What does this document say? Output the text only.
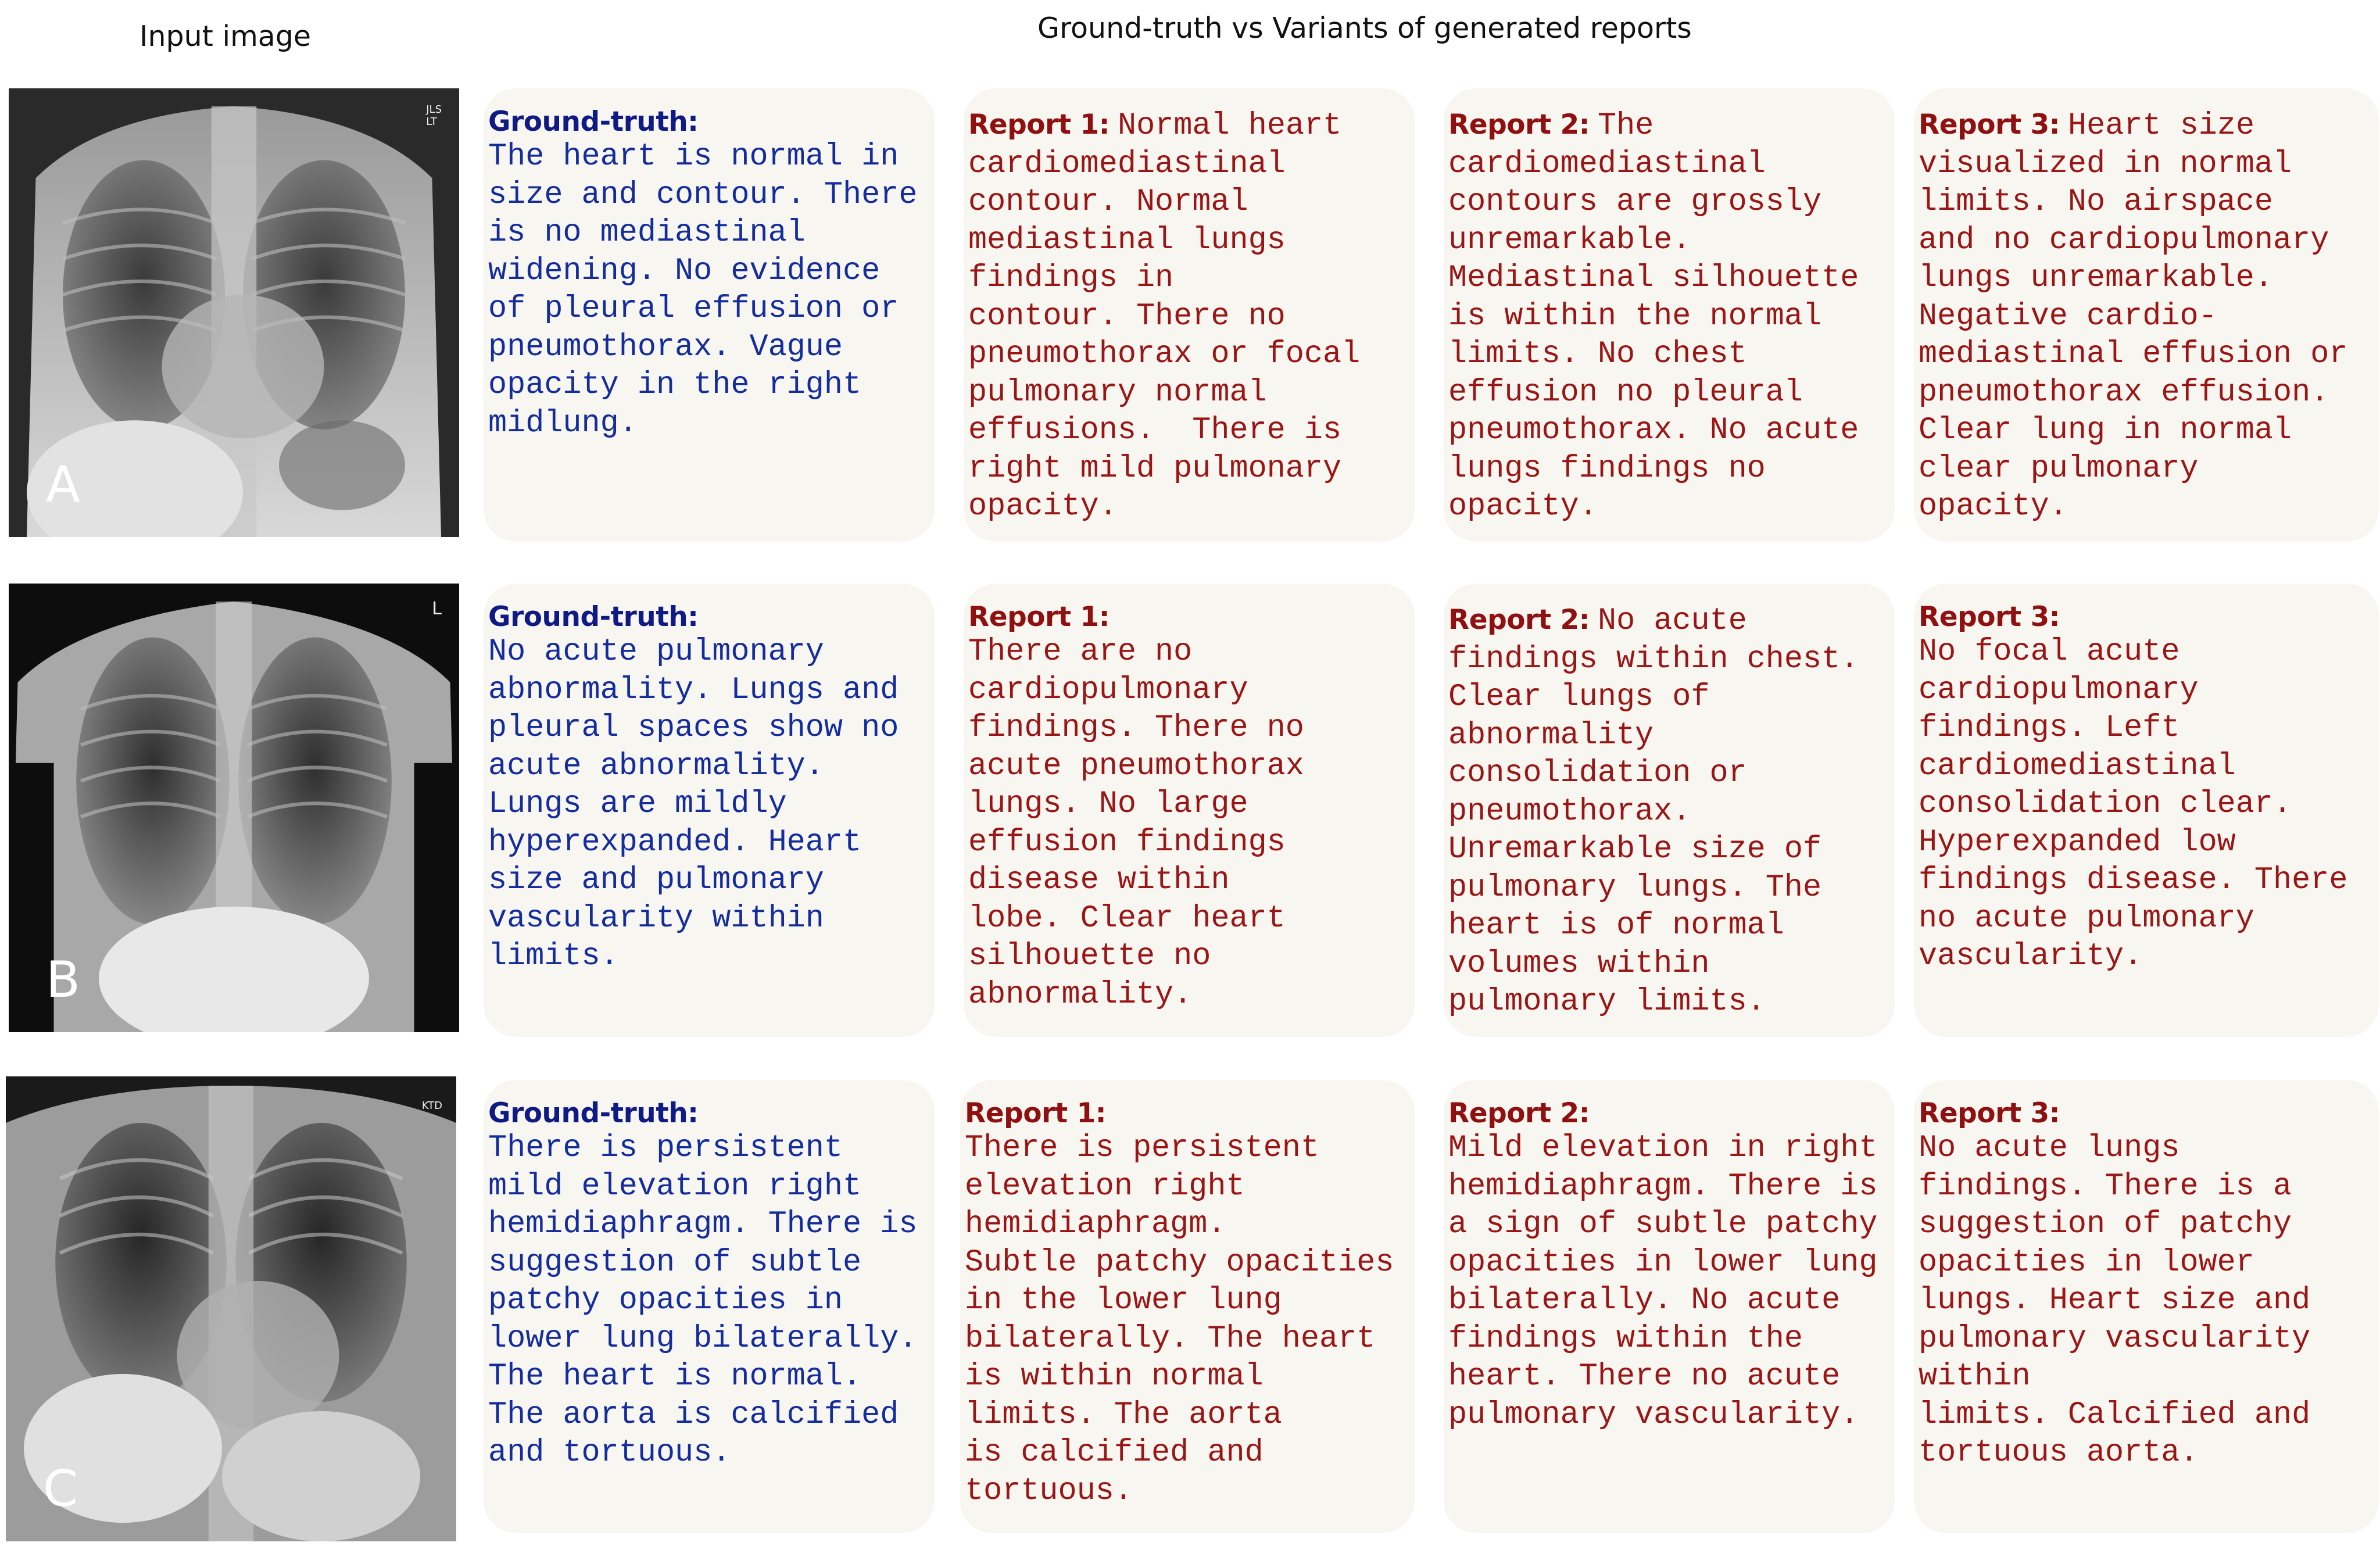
Input image	Ground-truth vs Variants of generated reports
JLS
LT
A
Ground-truth:
The heart is normal in
size and contour. There
is no mediastinal
widening. No evidence
of pleural effusion or
pneumothorax. Vague
opacity in the right
midlung.
Report 1: Normal heart
cardiomediastinal
contour. Normal
mediastinal lungs
findings in
contour. There no
pneumothorax or focal
pulmonary normal
effusions.  There is
right mild pulmonary
opacity.
Report 2: The
cardiomediastinal
contours are grossly
unremarkable.
Mediastinal silhouette
is within the normal
limits. No chest
effusion no pleural
pneumothorax. No acute
lungs findings no
opacity.
Report 3: Heart size
visualized in normal
limits. No airspace
and no cardiopulmonary
lungs unremarkable.
Negative cardio-
mediastinal effusion or
pneumothorax effusion.
Clear lung in normal
clear pulmonary
opacity.
L
B
Ground-truth:
No acute pulmonary
abnormality. Lungs and
pleural spaces show no
acute abnormality.
Lungs are mildly
hyperexpanded. Heart
size and pulmonary
vascularity within
limits.
Report 1:
There are no
cardiopulmonary
findings. There no
acute pneumothorax
lungs. No large
effusion findings
disease within
lobe. Clear heart
silhouette no
abnormality.
Report 2: No acute
findings within chest.
Clear lungs of
abnormality
consolidation or
pneumothorax.
Unremarkable size of
pulmonary lungs. The
heart is of normal
volumes within
pulmonary limits.
Report 3:
No focal acute
cardiopulmonary
findings. Left
cardiomediastinal
consolidation clear.
Hyperexpanded low
findings disease. There
no acute pulmonary
vascularity.
KTD
C
Ground-truth:
There is persistent
mild elevation right
hemidiaphragm. There is
suggestion of subtle
patchy opacities in
lower lung bilaterally.
The heart is normal.
The aorta is calcified
and tortuous.
Report 1:
There is persistent
elevation right
hemidiaphragm.
Subtle patchy opacities
in the lower lung
bilaterally. The heart
is within normal
limits. The aorta
is calcified and
tortuous.
Report 2:
Mild elevation in right
hemidiaphragm. There is
a sign of subtle patchy
opacities in lower lung
bilaterally. No acute
findings within the
heart. There no acute
pulmonary vascularity.
Report 3:
No acute lungs
findings. There is a
suggestion of patchy
opacities in lower
lungs. Heart size and
pulmonary vascularity
within
limits. Calcified and
tortuous aorta.
